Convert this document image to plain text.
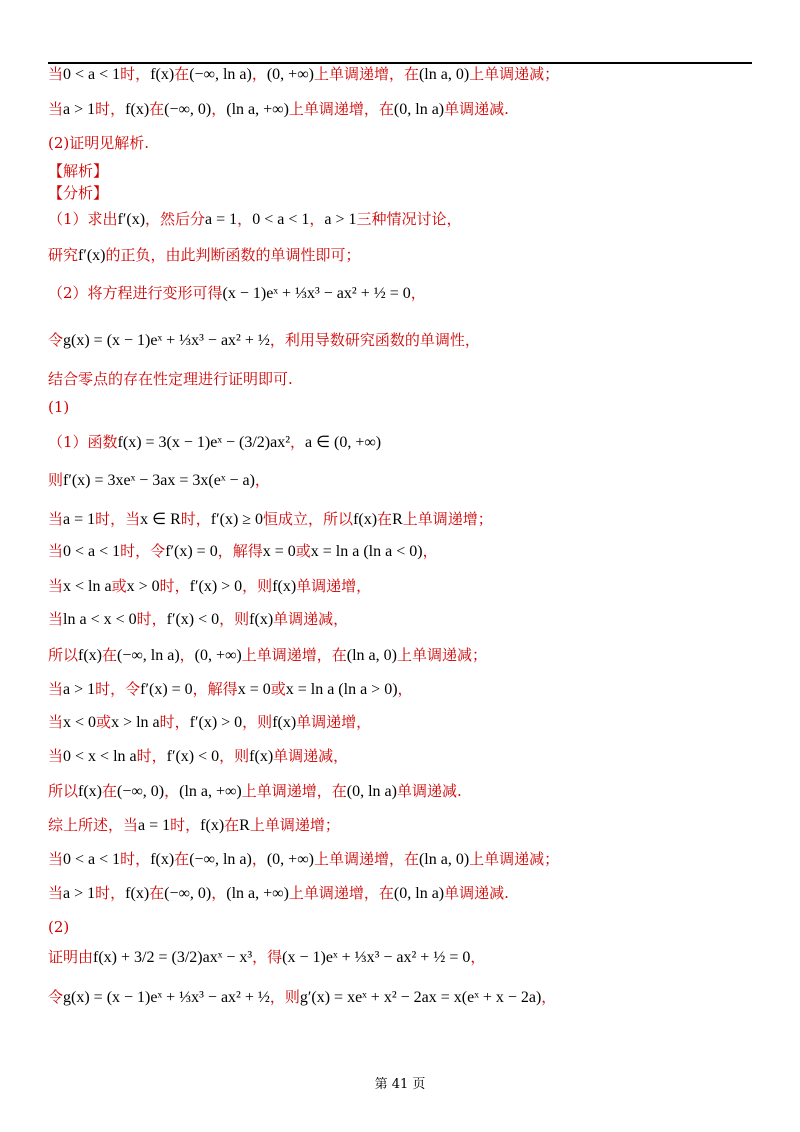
当0 < a < 1时，f(x)在(−∞, ln a)，(0, +∞)上单调递增，在(ln a, 0)上单调递减；
当a > 1时，f(x)在(−∞, 0)，(ln a, +∞)上单调递增，在(0, ln a)单调递减.
(2)证明见解析.
【解析】
【分析】
（1）求出f′(x)，然后分a = 1，0 < a < 1，a > 1三种情况讨论，
研究f′(x)的正负，由此判断函数的单调性即可；
（2）将方程进行变形可得(x − 1)eˣ + ⅓x³ − ax² + ½ = 0，
令g(x) = (x − 1)eˣ + ⅓x³ − ax² + ½，利用导数研究函数的单调性，
结合零点的存在性定理进行证明即可.
(1)
（1）函数f(x) = 3(x − 1)eˣ − (3/2)ax²，a ∈ (0, +∞)
则f′(x) = 3xeˣ − 3ax = 3x(eˣ − a)，
当a = 1时，当x ∈ R时，f′(x) ≥ 0恒成立，所以f(x)在R上单调递增；
当0 < a < 1时，令f′(x) = 0，解得x = 0或x = ln a (ln a < 0)，
当x < ln a或x > 0时，f′(x) > 0，则f(x)单调递增，
当ln a < x < 0时，f′(x) < 0，则f(x)单调递减，
所以f(x)在(−∞, ln a)，(0, +∞)上单调递增，在(ln a, 0)上单调递减；
当a > 1时，令f′(x) = 0，解得x = 0或x = ln a (ln a > 0)，
当x < 0或x > ln a时，f′(x) > 0，则f(x)单调递增，
当0 < x < ln a时，f′(x) < 0，则f(x)单调递减，
所以f(x)在(−∞, 0)，(ln a, +∞)上单调递增，在(0, ln a)单调递减.
综上所述，当a = 1时，f(x)在R上单调递增；
当0 < a < 1时，f(x)在(−∞, ln a)，(0, +∞)上单调递增，在(ln a, 0)上单调递减；
当a > 1时，f(x)在(−∞, 0)，(ln a, +∞)上单调递增，在(0, ln a)单调递减.
(2)
证明由f(x) + 3/2 = (3/2)axˣ − x³，得(x − 1)eˣ + ⅓x³ − ax² + ½ = 0，
令g(x) = (x − 1)eˣ + ⅓x³ − ax² + ½，则g′(x) = xeˣ + x² − 2ax = x(eˣ + x − 2a)，
第 41 页
